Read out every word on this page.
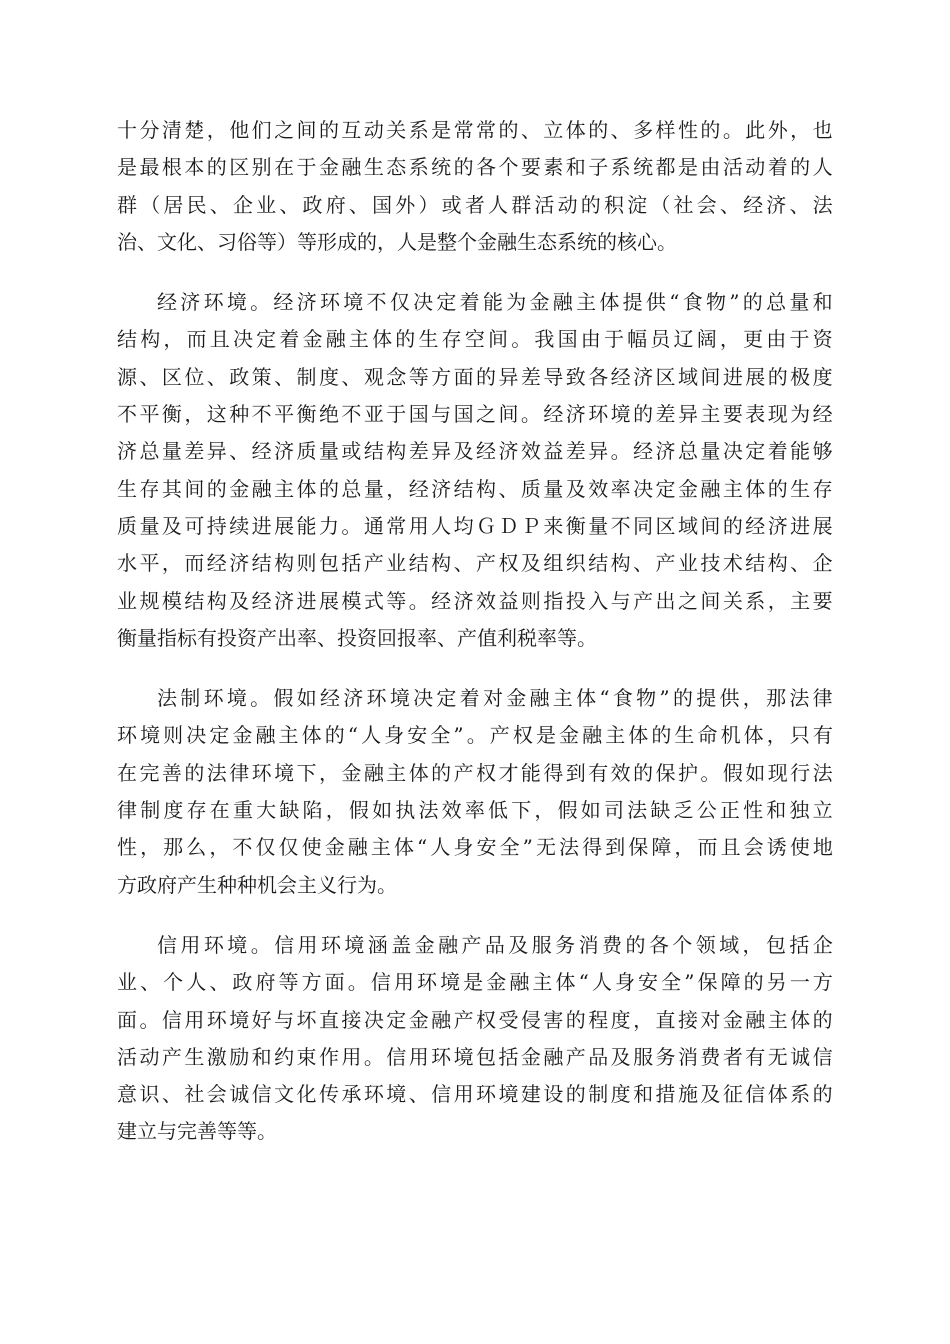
十 分 清 楚 ， 他 们 之 间 的 互 动 关 系 是 常 常 的 、 立 体 的 、 多 样 性 的 。 此 外 ， 也
是 最 根 本 的 区 别 在 于 金 融 生 态 系 统 的 各 个 要 素 和 子 系 统 都 是 由 活 动 着 的 人
群 （ 居 民 、 企 业 、 政 府 、 国 外 ） 或 者 人 群 活 动 的 积 淀 （ 社 会 、 经 济 、 法
治、文化、习俗等）等形成的，人是整个金融生态系统的核心。
经 济 环 境 。 经 济 环 境 不 仅 决 定 着 能 为 金 融 主 体 提 供 “ 食 物 ” 的 总 量 和
结 构 ， 而 且 决 定 着 金 融 主 体 的 生 存 空 间 。 我 国 由 于 幅 员 辽 阔 ， 更 由 于 资
源 、 区 位 、 政 策 、 制 度 、 观 念 等 方 面 的 异 差 导 致 各 经 济 区 域 间 进 展 的 极 度
不 平 衡 ， 这 种 不 平 衡 绝 不 亚 于 国 与 国 之 间 。 经 济 环 境 的 差 异 主 要 表 现 为 经
济 总 量 差 异 、 经 济 质 量 或 结 构 差 异 及 经 济 效 益 差 异 。 经 济 总 量 决 定 着 能 够
生 存 其 间 的 金 融 主 体 的 总 量 ， 经 济 结 构 、 质 量 及 效 率 决 定 金 融 主 体 的 生 存
质 量 及 可 持 续 进 展 能 力 。 通 常 用 人 均 Ｇ Ｄ Ｐ 来 衡 量 不 同 区 域 间 的 经 济 进 展
水 平 ， 而 经 济 结 构 则 包 括 产 业 结 构 、 产 权 及 组 织 结 构 、 产 业 技 术 结 构 、 企
业 规 模 结 构 及 经 济 进 展 模 式 等 。 经 济 效 益 则 指 投 入 与 产 出 之 间 关 系 ， 主 要
衡量指标有投资产出率、投资回报率、产值利税率等。
法 制 环 境 。 假 如 经 济 环 境 决 定 着 对 金 融 主 体 “ 食 物 ” 的 提 供 ， 那 法 律
环 境 则 决 定 金 融 主 体 的 “ 人 身 安 全 ” 。 产 权 是 金 融 主 体 的 生 命 机 体 ， 只 有
在 完 善 的 法 律 环 境 下 ， 金 融 主 体 的 产 权 才 能 得 到 有 效 的 保 护 。 假 如 现 行 法
律 制 度 存 在 重 大 缺 陷 ， 假 如 执 法 效 率 低 下 ， 假 如 司 法 缺 乏 公 正 性 和 独 立
性 ， 那 么 ， 不 仅 仅 使 金 融 主 体 “ 人 身 安 全 ” 无 法 得 到 保 障 ， 而 且 会 诱 使 地
方政府产生种种机会主义行为。
信 用 环 境 。 信 用 环 境 涵 盖 金 融 产 品 及 服 务 消 费 的 各 个 领 域 ， 包 括 企
业 、 个 人 、 政 府 等 方 面 。 信 用 环 境 是 金 融 主 体 “ 人 身 安 全 ” 保 障 的 另 一 方
面 。 信 用 环 境 好 与 坏 直 接 决 定 金 融 产 权 受 侵 害 的 程 度 ， 直 接 对 金 融 主 体 的
活 动 产 生 激 励 和 约 束 作 用 。 信 用 环 境 包 括 金 融 产 品 及 服 务 消 费 者 有 无 诚 信
意 识 、 社 会 诚 信 文 化 传 承 环 境 、 信 用 环 境 建 设 的 制 度 和 措 施 及 征 信 体 系 的
建立与完善等等。
